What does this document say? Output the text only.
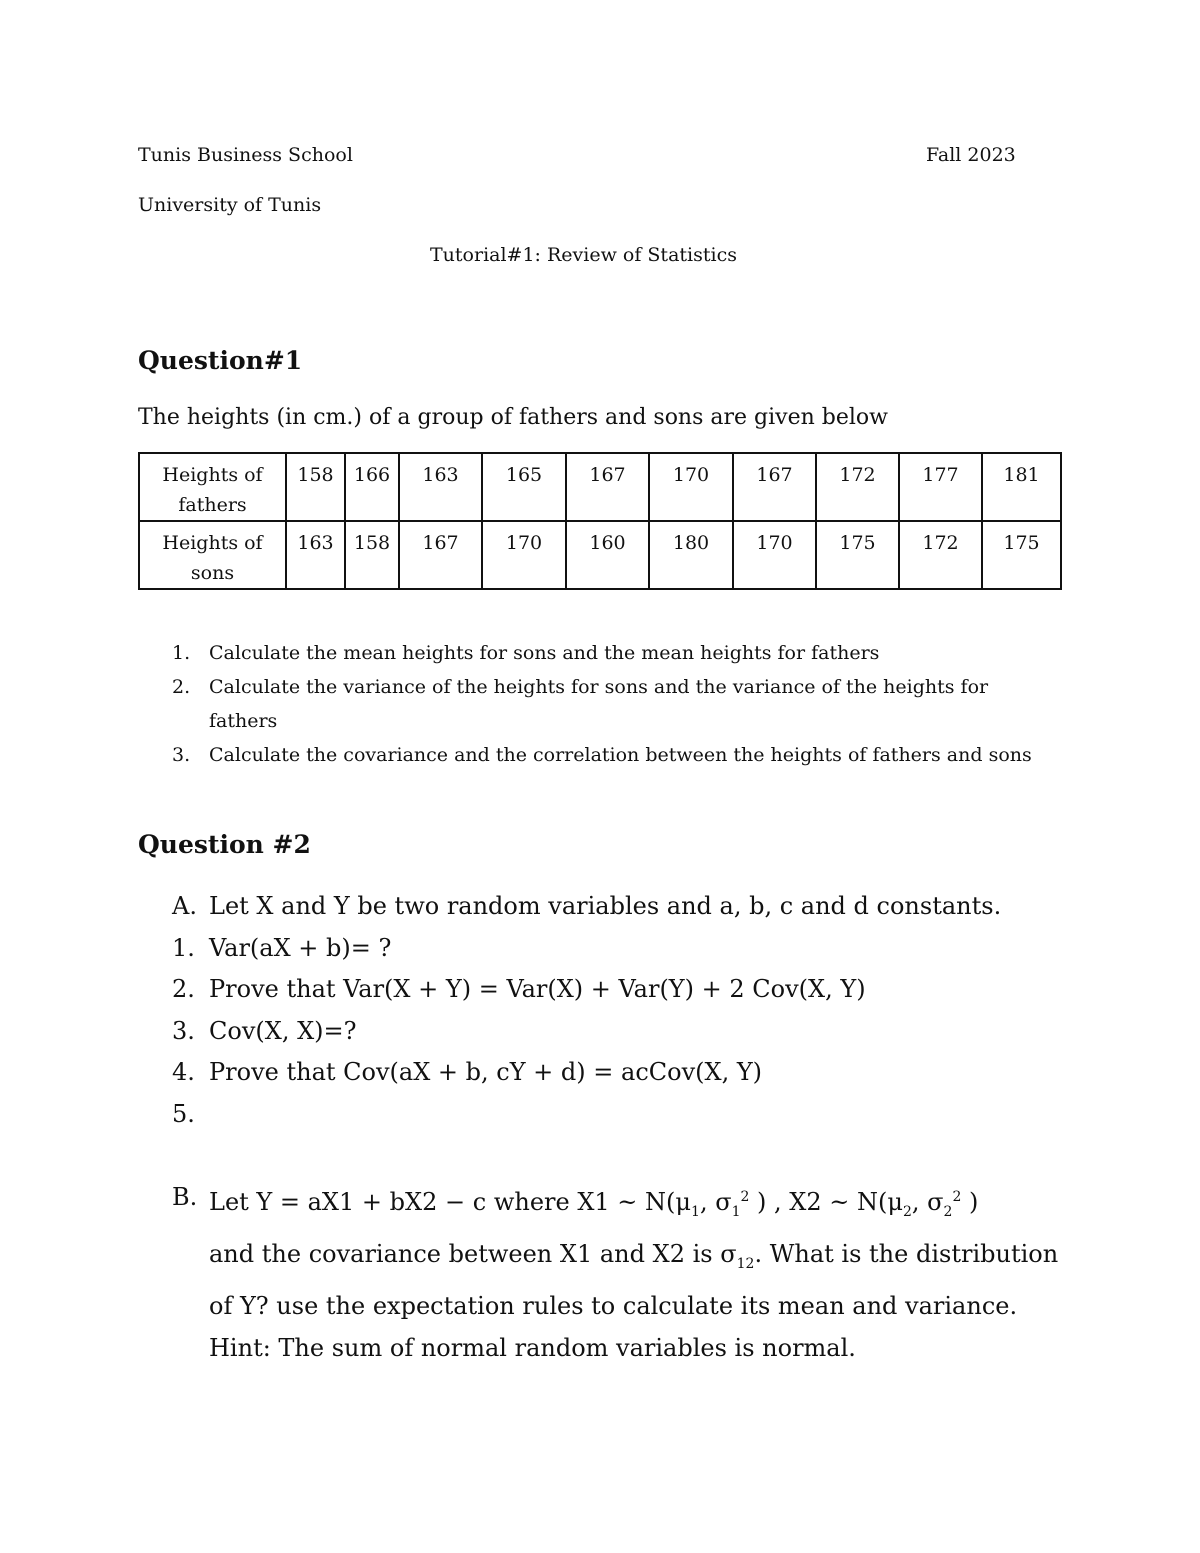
Tunis Business School	Fall 2023
University of Tunis
Tutorial#1: Review of Statistics
Question#1
The heights (in cm.) of a group of fathers and sons are given below
Heights of
fathers	158	166	163	165	167	170	167	172	177	181
Heights of
sons	163	158	167	170	160	180	170	175	172	175
1. Calculate the mean heights for sons and the mean heights for fathers
2. Calculate the variance of the heights for sons and the variance of the heights for fathers
3. Calculate the covariance and the correlation between the heights of fathers and sons
Question #2
A. Let X and Y be two random variables and a, b, c and d constants.
1. Var(aX + b)= ?
2. Prove that Var(X + Y) = Var(X) + Var(Y) + 2 Cov(X, Y)
3. Cov(X, X)=?
4. Prove that Cov(aX + b, cY + d) = acCov(X, Y)
5.
B. Let Y = aX1 + bX2 − c where X1 ~ $N(\mu_1$, $\sigma_1^2$ ) , X2 ~ $N(\mu_2$, $\sigma_2^2$ )
and the covariance between X1 and X2 is $\sigma_{12}$. What is the distribution
of Y? use the expectation rules to calculate its mean and variance.
Hint: The sum of normal random variables is normal.
